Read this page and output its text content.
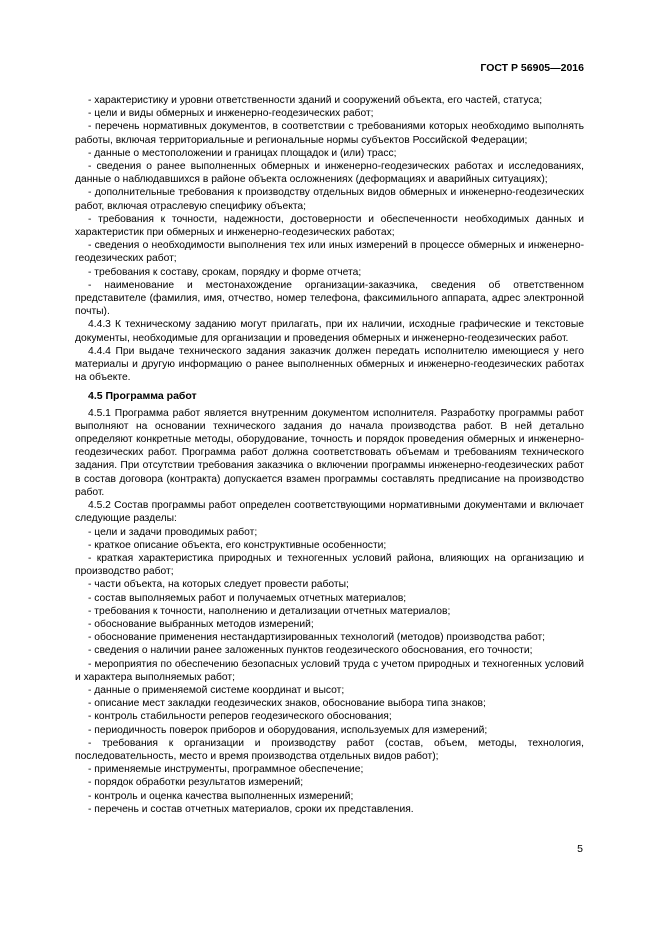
ГОСТ Р 56905—2016

- характеристику и уровни ответственности зданий и сооружений объекта, его частей, статуса;

- цели и виды обмерных и инженерно-геодезических работ;

- перечень нормативных документов, в соответствии с требованиями которых необходимо выполнять работы, включая территориальные и региональные нормы субъектов Российской Федерации;

- данные о местоположении и границах площадок и (или) трасс;

- сведения о ранее выполненных обмерных и инженерно-геодезических работах и исследованиях, данные о наблюдавшихся в районе объекта осложнениях (деформациях и аварийных ситуациях);

- дополнительные требования к производству отдельных видов обмерных и инженерно-геодезических работ, включая отраслевую специфику объекта;

- требования к точности, надежности, достоверности и обеспеченности необходимых данных и характеристик при обмерных и инженерно-геодезических работах;

- сведения о необходимости выполнения тех или иных измерений в процессе обмерных и инженерно-геодезических работ;

- требования к составу, срокам, порядку и форме отчета;

- наименование и местонахождение организации-заказчика, сведения об ответственном представителе (фамилия, имя, отчество, номер телефона, факсимильного аппарата, адрес электронной почты).

4.4.3 К техническому заданию могут прилагать, при их наличии, исходные графические и текстовые документы, необходимые для организации и проведения обмерных и инженерно-геодезических работ.

4.4.4 При выдаче технического задания заказчик должен передать исполнителю имеющиеся у него материалы и другую информацию о ранее выполненных обмерных и инженерно-геодезических работах на объекте.

4.5 Программа работ

4.5.1 Программа работ является внутренним документом исполнителя. Разработку программы работ выполняют на основании технического задания до начала производства работ. В ней детально определяют конкретные методы, оборудование, точность и порядок проведения обмерных и инженерно-геодезических работ. Программа работ должна соответствовать объемам и требованиям технического задания. При отсутствии требования заказчика о включении программы инженерно-геодезических работ в состав договора (контракта) допускается взамен программы составлять предписание на производство работ.

4.5.2 Состав программы работ определен соответствующими нормативными документами и включает следующие разделы:

- цели и задачи проводимых работ;

- краткое описание объекта, его конструктивные особенности;

- краткая характеристика природных и техногенных условий района, влияющих на организацию и производство работ;

- части объекта, на которых следует провести работы;

- состав выполняемых работ и получаемых отчетных материалов;

- требования к точности, наполнению и детализации отчетных материалов;

- обоснование выбранных методов измерений;

- обоснование применения нестандартизированных технологий (методов) производства работ;

- сведения о наличии ранее заложенных пунктов геодезического обоснования, его точности;

- мероприятия по обеспечению безопасных условий труда с учетом природных и техногенных условий и характера выполняемых работ;

- данные о применяемой системе координат и высот;

- описание мест закладки геодезических знаков, обоснование выбора типа знаков;

- контроль стабильности реперов геодезического обоснования;

- периодичность поверок приборов и оборудования, используемых для измерений;

- требования к организации и производству работ (состав, объем, методы, технология, последовательность, место и время производства отдельных видов работ);

- применяемые инструменты, программное обеспечение;

- порядок обработки результатов измерений;

- контроль и оценка качества выполненных измерений;

- перечень и состав отчетных материалов, сроки их представления.

5
